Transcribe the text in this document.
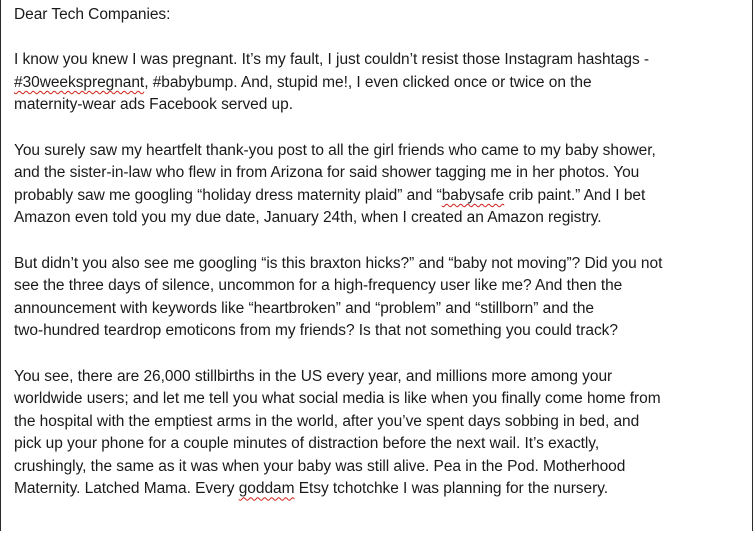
Dear Tech Companies:
I know you knew I was pregnant. It’s my fault, I just couldn’t resist those Instagram hashtags -
#30weekspregnant, #babybump. And, stupid me!, I even clicked once or twice on the
maternity-wear ads Facebook served up.
You surely saw my heartfelt thank-you post to all the girl friends who came to my baby shower,
and the sister-in-law who flew in from Arizona for said shower tagging me in her photos. You
probably saw me googling “holiday dress maternity plaid” and “babysafe crib paint.” And I bet
Amazon even told you my due date, January 24th, when I created an Amazon registry.
But didn’t you also see me googling “is this braxton hicks?” and “baby not moving”? Did you not
see the three days of silence, uncommon for a high-frequency user like me? And then the
announcement with keywords like “heartbroken” and “problem” and “stillborn” and the
two-hundred teardrop emoticons from my friends? Is that not something you could track?
You see, there are 26,000 stillbirths in the US every year, and millions more among your
worldwide users; and let me tell you what social media is like when you finally come home from
the hospital with the emptiest arms in the world, after you’ve spent days sobbing in bed, and
pick up your phone for a couple minutes of distraction before the next wail. It’s exactly,
crushingly, the same as it was when your baby was still alive. Pea in the Pod. Motherhood
Maternity. Latched Mama. Every goddam Etsy tchotchke I was planning for the nursery.
